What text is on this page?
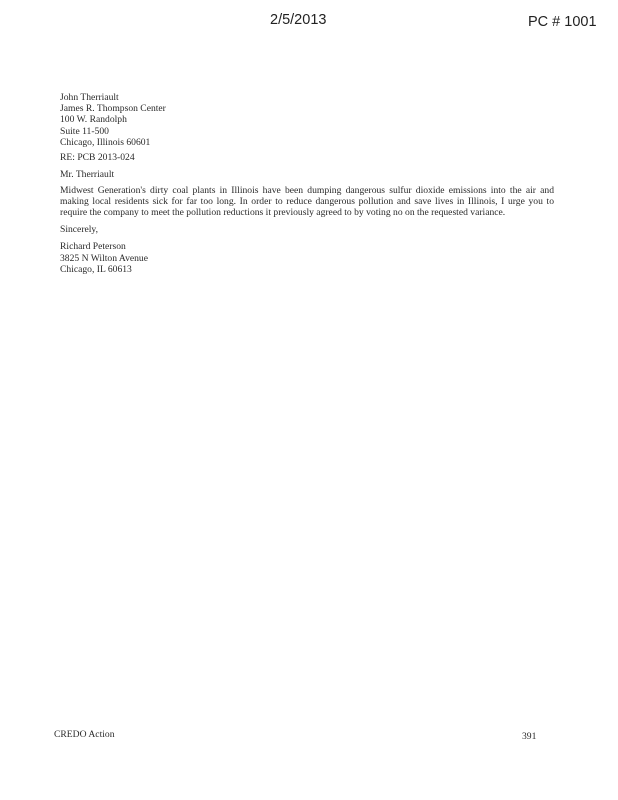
2/5/2013	PC # 1001
John Therriault
James R. Thompson Center
100 W. Randolph
Suite 11-500
Chicago, Illinois 60601
RE: PCB 2013-024
Mr. Therriault
Midwest Generation's dirty coal plants in Illinois have been dumping dangerous sulfur dioxide emissions into the air and making local residents sick for far too long. In order to reduce dangerous pollution and save lives in Illinois, I urge you to require the company to meet the pollution reductions it previously agreed to by voting no on the requested variance.
Sincerely,
Richard Peterson
3825 N Wilton Avenue
Chicago, IL 60613
CREDO Action	391
